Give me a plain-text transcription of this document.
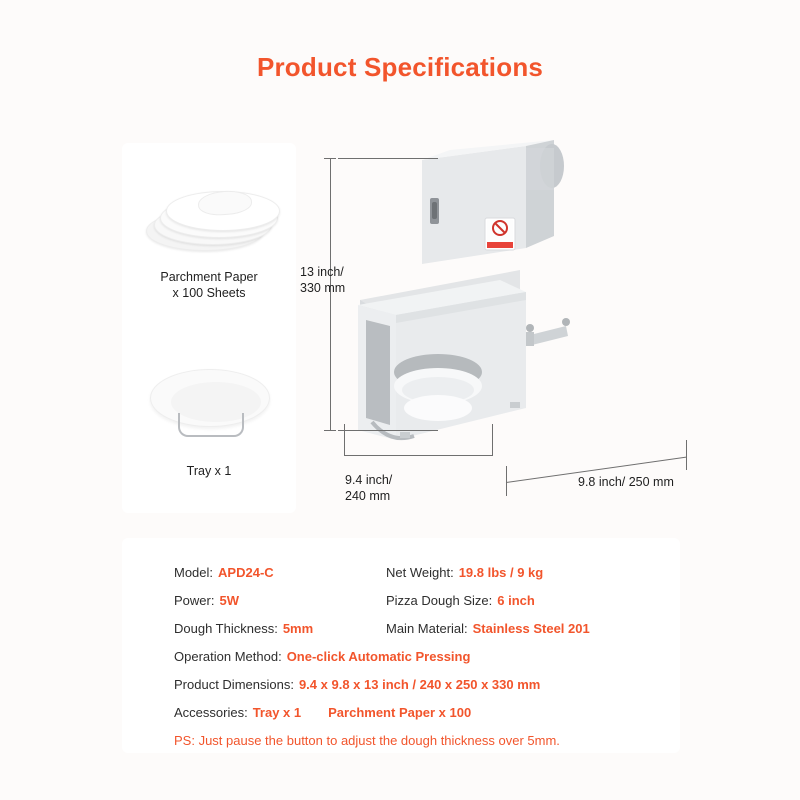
Product Specifications
Parchment Paper
x 100 Sheets
Tray x 1
13 inch/
330 mm
9.4 inch/
240 mm
9.8 inch/ 250 mm
Model: APD24-C	Net Weight: 19.8 lbs / 9 kg
Power: 5W	Pizza Dough Size: 6 inch
Dough Thickness: 5mm	Main Material: Stainless Steel 201
Operation Method: One-click Automatic Pressing
Product Dimensions: 9.4 x 9.8 x 13 inch / 240 x 250 x 330 mm
Accessories: Tray x 1 Parchment Paper x 100
PS: Just pause the button to adjust the dough thickness over 5mm.
